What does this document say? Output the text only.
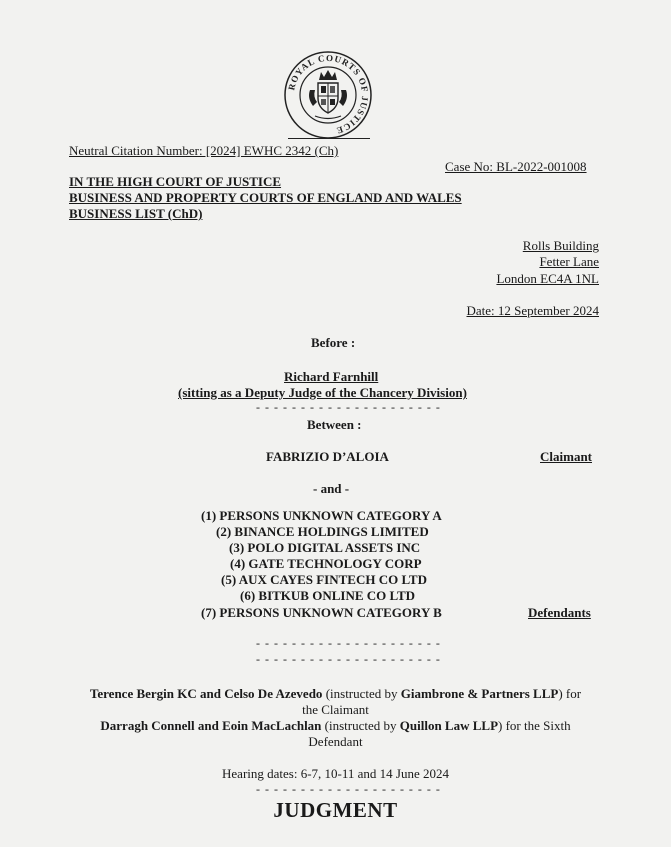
ROYAL COURTS OF JUSTICE
Neutral Citation Number: [2024] EWHC 2342 (Ch)
Case No: BL-2022-001008
IN THE HIGH COURT OF JUSTICE
BUSINESS AND PROPERTY COURTS OF ENGLAND AND WALES
BUSINESS LIST (ChD)
Rolls Building
Fetter Lane
London EC4A 1NL
Date: 12 September 2024
Before :
Richard Farnhill
(sitting as a Deputy Judge of the Chancery Division)
- - - - - - - - - - - - - - - - - - - - -
Between :
FABRIZIO D’ALOIA	Claimant
- and -
(1) PERSONS UNKNOWN CATEGORY A
(2) BINANCE HOLDINGS LIMITED
(3) POLO DIGITAL ASSETS INC
(4) GATE TECHNOLOGY CORP
(5) AUX CAYES FINTECH CO LTD
(6) BITKUB ONLINE CO LTD
(7) PERSONS UNKNOWN CATEGORY B	Defendants
- - - - - - - - - - - - - - - - - - - - -
- - - - - - - - - - - - - - - - - - - - -
Terence Bergin KC and Celso De Azevedo (instructed by Giambrone & Partners LLP) for
the Claimant
Darragh Connell and Eoin MacLachlan (instructed by Quillon Law LLP) for the Sixth
Defendant
Hearing dates: 6-7, 10-11 and 14 June 2024
- - - - - - - - - - - - - - - - - - - - -
JUDGMENT
